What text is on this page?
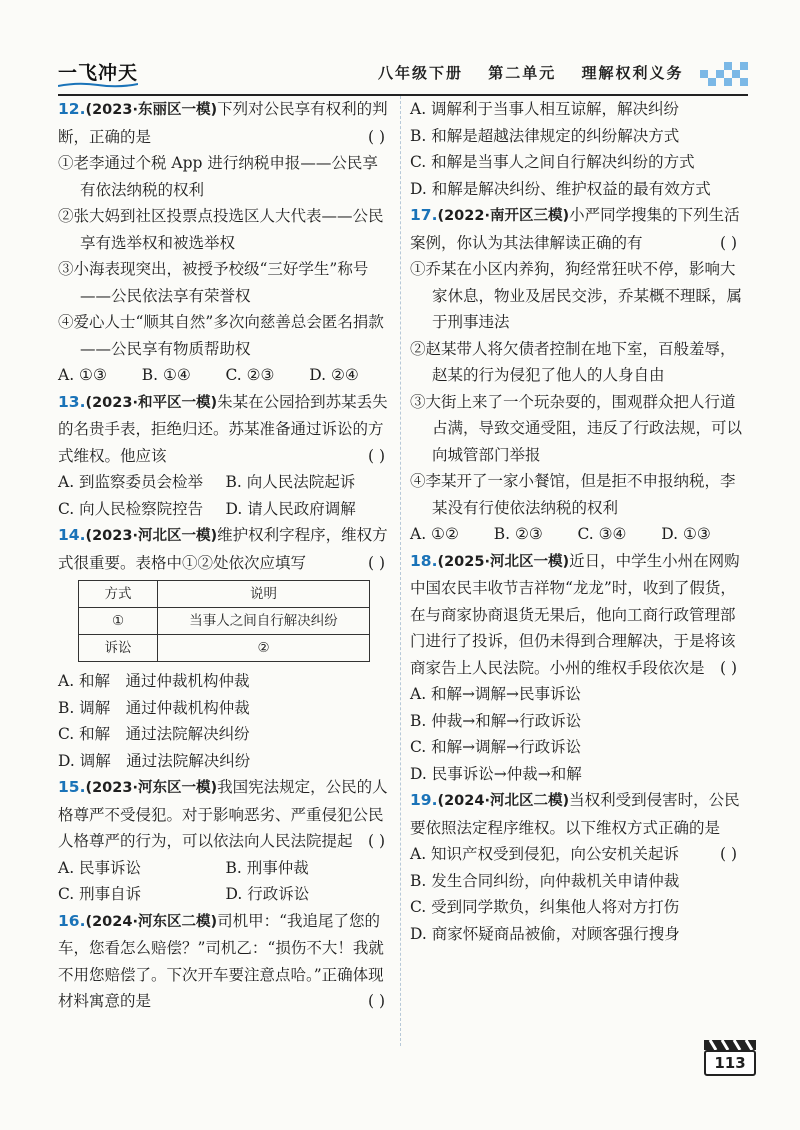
一飞冲天	八年级下册 第二单元 理解权利义务
12.(2023·东丽区一模)下列对公民享有权利的判断，正确的是	( )
①老李通过个税 App 进行纳税申报——公民享有依法纳税的权利
②张大妈到社区投票点投选区人大代表——公民享有选举权和被选举权
③小海表现突出，被授予校级“三好学生”称号——公民依法享有荣誉权
④爱心人士“顺其自然”多次向慈善总会匿名捐款——公民享有物质帮助权
A. ①③	B. ①④	C. ②③	D. ②④
13.(2023·和平区一模)朱某在公园拾到苏某丢失的名贵手表，拒绝归还。苏某准备通过诉讼的方式维权。他应该	( )
A. 到监察委员会检举	B. 向人民法院起诉
C. 向人民检察院控告	D. 请人民政府调解
14.(2023·河北区一模)维护权利字程序，维权方式很重要。表格中①②处依次应填写	( )
方式	说明
①	当事人之间自行解决纠纷
诉讼	②
A. 和解　通过仲裁机构仲裁
B. 调解　通过仲裁机构仲裁
C. 和解　通过法院解决纠纷
D. 调解　通过法院解决纠纷
15.(2023·河东区一模)我国宪法规定，公民的人格尊严不受侵犯。对于影响恶劣、严重侵犯公民人格尊严的行为，可以依法向人民法院提起 ( )
A. 民事诉讼	B. 刑事仲裁
C. 刑事自诉	D. 行政诉讼
16.(2024·河东区二模)司机甲：“我追尾了您的车，您看怎么赔偿？”司机乙：“损伤不大！我就不用您赔偿了。下次开车要注意点哈。”正确体现材料寓意的是	( )
A. 调解利于当事人相互谅解，解决纠纷
B. 和解是超越法律规定的纠纷解决方式
C. 和解是当事人之间自行解决纠纷的方式
D. 和解是解决纠纷、维护权益的最有效方式
17.(2022·南开区三模)小严同学搜集的下列生活案例，你认为其法律解读正确的有	( )
①乔某在小区内养狗，狗经常狂吠不停，影响大家休息，物业及居民交涉，乔某概不理睬，属于刑事违法
②赵某带人将欠债者控制在地下室，百般羞辱，赵某的行为侵犯了他人的人身自由
③大街上来了一个玩杂耍的，围观群众把人行道占满，导致交通受阻，违反了行政法规，可以向城管部门举报
④李某开了一家小餐馆，但是拒不申报纳税，李某没有行使依法纳税的权利
A. ①②	B. ②③	C. ③④	D. ①③
18.(2025·河北区一模)近日，中学生小州在网购中国农民丰收节吉祥物“龙龙”时，收到了假货，在与商家协商退货无果后，他向工商行政管理部门进行了投诉，但仍未得到合理解决，于是将该商家告上人民法院。小州的维权手段依次是 ( )
A. 和解→调解→民事诉讼
B. 仲裁→和解→行政诉讼
C. 和解→调解→行政诉讼
D. 民事诉讼→仲裁→和解
19.(2024·河北区二模)当权利受到侵害时，公民要依照法定程序维权。以下维权方式正确的是
( )
A. 知识产权受到侵犯，向公安机关起诉
B. 发生合同纠纷，向仲裁机关申请仲裁
C. 受到同学欺负，纠集他人将对方打伤
D. 商家怀疑商品被偷，对顾客强行搜身
113
